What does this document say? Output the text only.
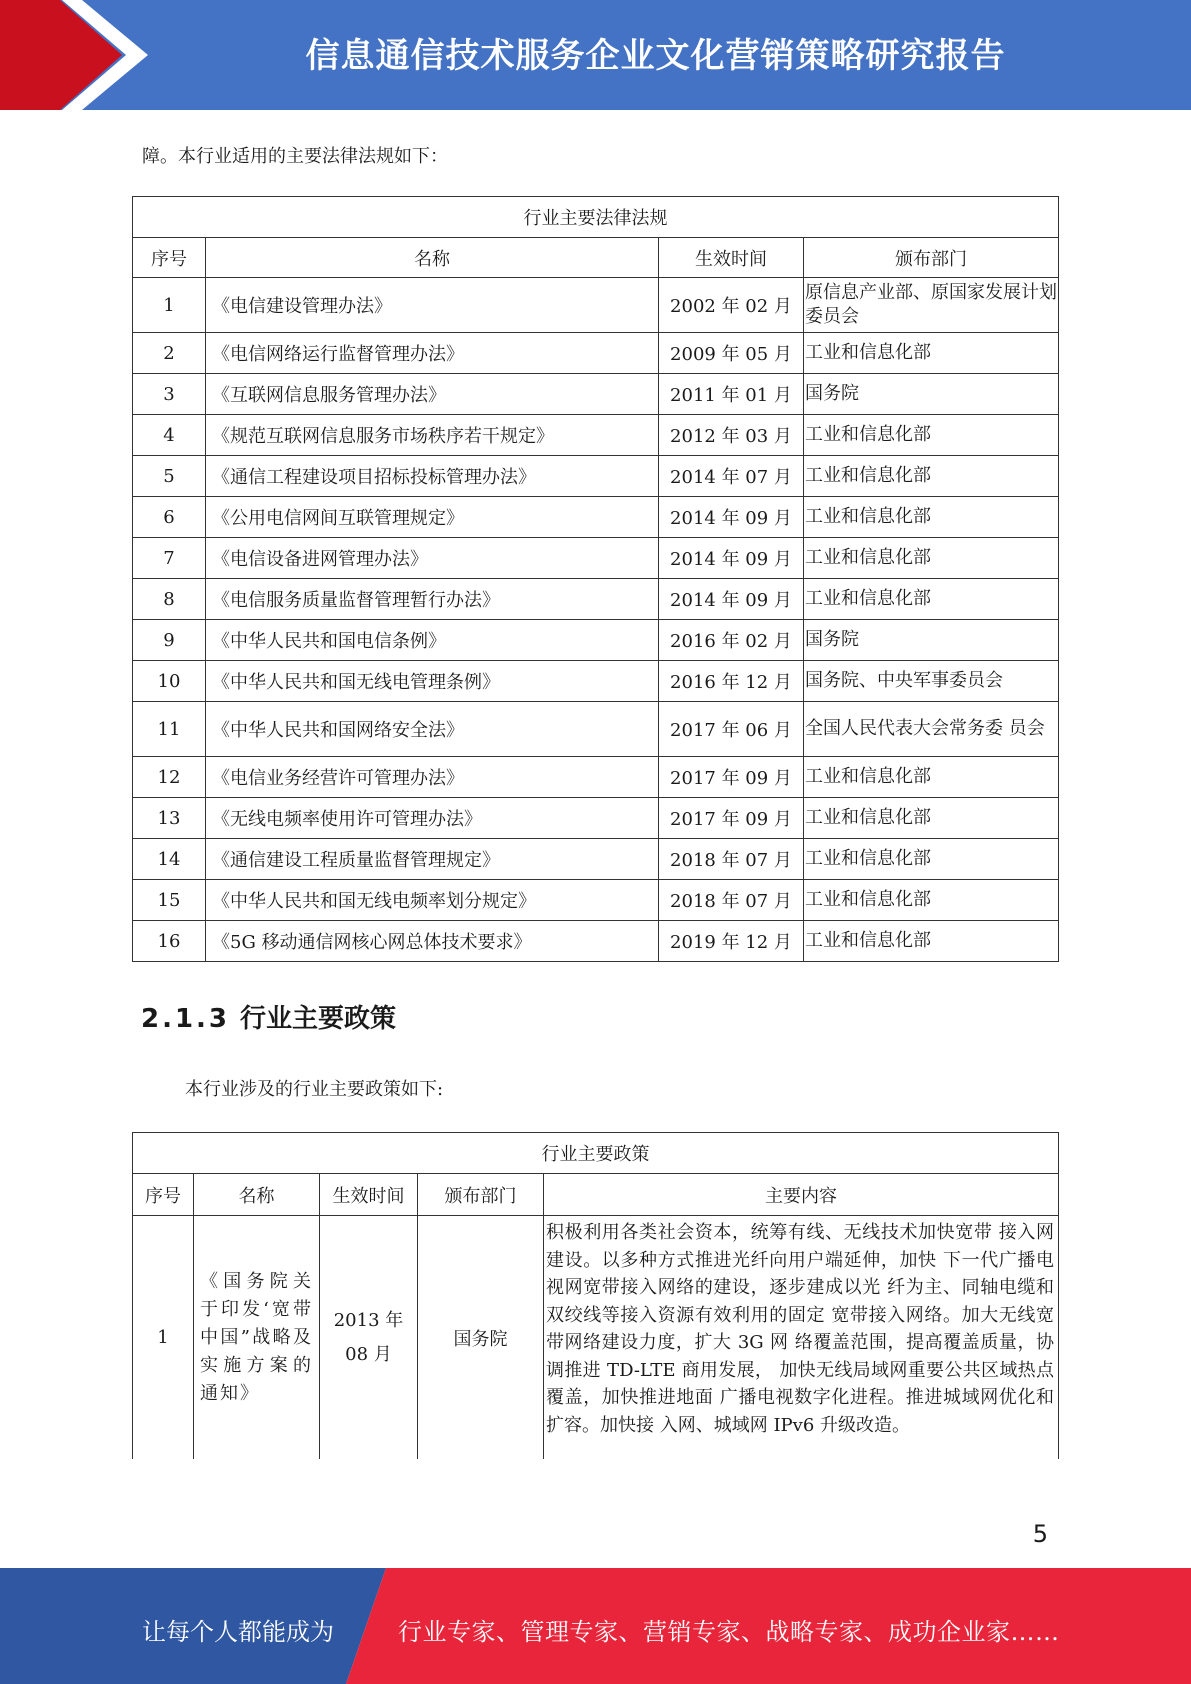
信息通信技术服务企业文化营销策略研究报告
障。本行业适用的主要法律法规如下：
行业主要法律法规			
序号	名称	生效时间	颁布部门
1	《电信建设管理办法》	2002 年 02 月	原信息产业部、原国家发展计划委员会
2	《电信网络运行监督管理办法》	2009 年 05 月	工业和信息化部
3	《互联网信息服务管理办法》	2011 年 01 月	国务院
4	《规范互联网信息服务市场秩序若干规定》	2012 年 03 月	工业和信息化部
5	《通信工程建设项目招标投标管理办法》	2014 年 07 月	工业和信息化部
6	《公用电信网间互联管理规定》	2014 年 09 月	工业和信息化部
7	《电信设备进网管理办法》	2014 年 09 月	工业和信息化部
8	《电信服务质量监督管理暂行办法》	2014 年 09 月	工业和信息化部
9	《中华人民共和国电信条例》	2016 年 02 月	国务院
10	《中华人民共和国无线电管理条例》	2016 年 12 月	国务院、中央军事委员会
11	《中华人民共和国网络安全法》	2017 年 06 月	全国人民代表大会常务委 员会
12	《电信业务经营许可管理办法》	2017 年 09 月	工业和信息化部
13	《无线电频率使用许可管理办法》	2017 年 09 月	工业和信息化部
14	《通信建设工程质量监督管理规定》	2018 年 07 月	工业和信息化部
15	《中华人民共和国无线电频率划分规定》	2018 年 07 月	工业和信息化部
16	《5G 移动通信网核心网总体技术要求》	2019 年 12 月	工业和信息化部
2.1.3 行业主要政策
本行业涉及的行业主要政策如下:
行业主要政策				
序号	名称	生效时间	颁布部门	主要内容
1	《国务院关于印发‘宽带中国”战略及实施方案的通知》	2013 年 08 月	国务院	积极利用各类社会资本，统筹有线、无线技术加快宽带 接入网建设。以多种方式推进光纤向用户端延伸，加快 下一代广播电视网宽带接入网络的建设，逐步建成以光 纤为主、同轴电缆和双绞线等接入资源有效利用的固定 宽带接入网络。加大无线宽带网络建设力度，扩大 3G 网 络覆盖范围，提高覆盖质量，协调推进 TD-LTE 商用发展， 加快无线局域网重要公共区域热点覆盖，加快推进地面 广播电视数字化进程。推进城域网优化和扩容。加快接 入网、城域网 IPv6 升级改造。
5
让每个人都能成为	行业专家、管理专家、营销专家、战略专家、成功企业家……
